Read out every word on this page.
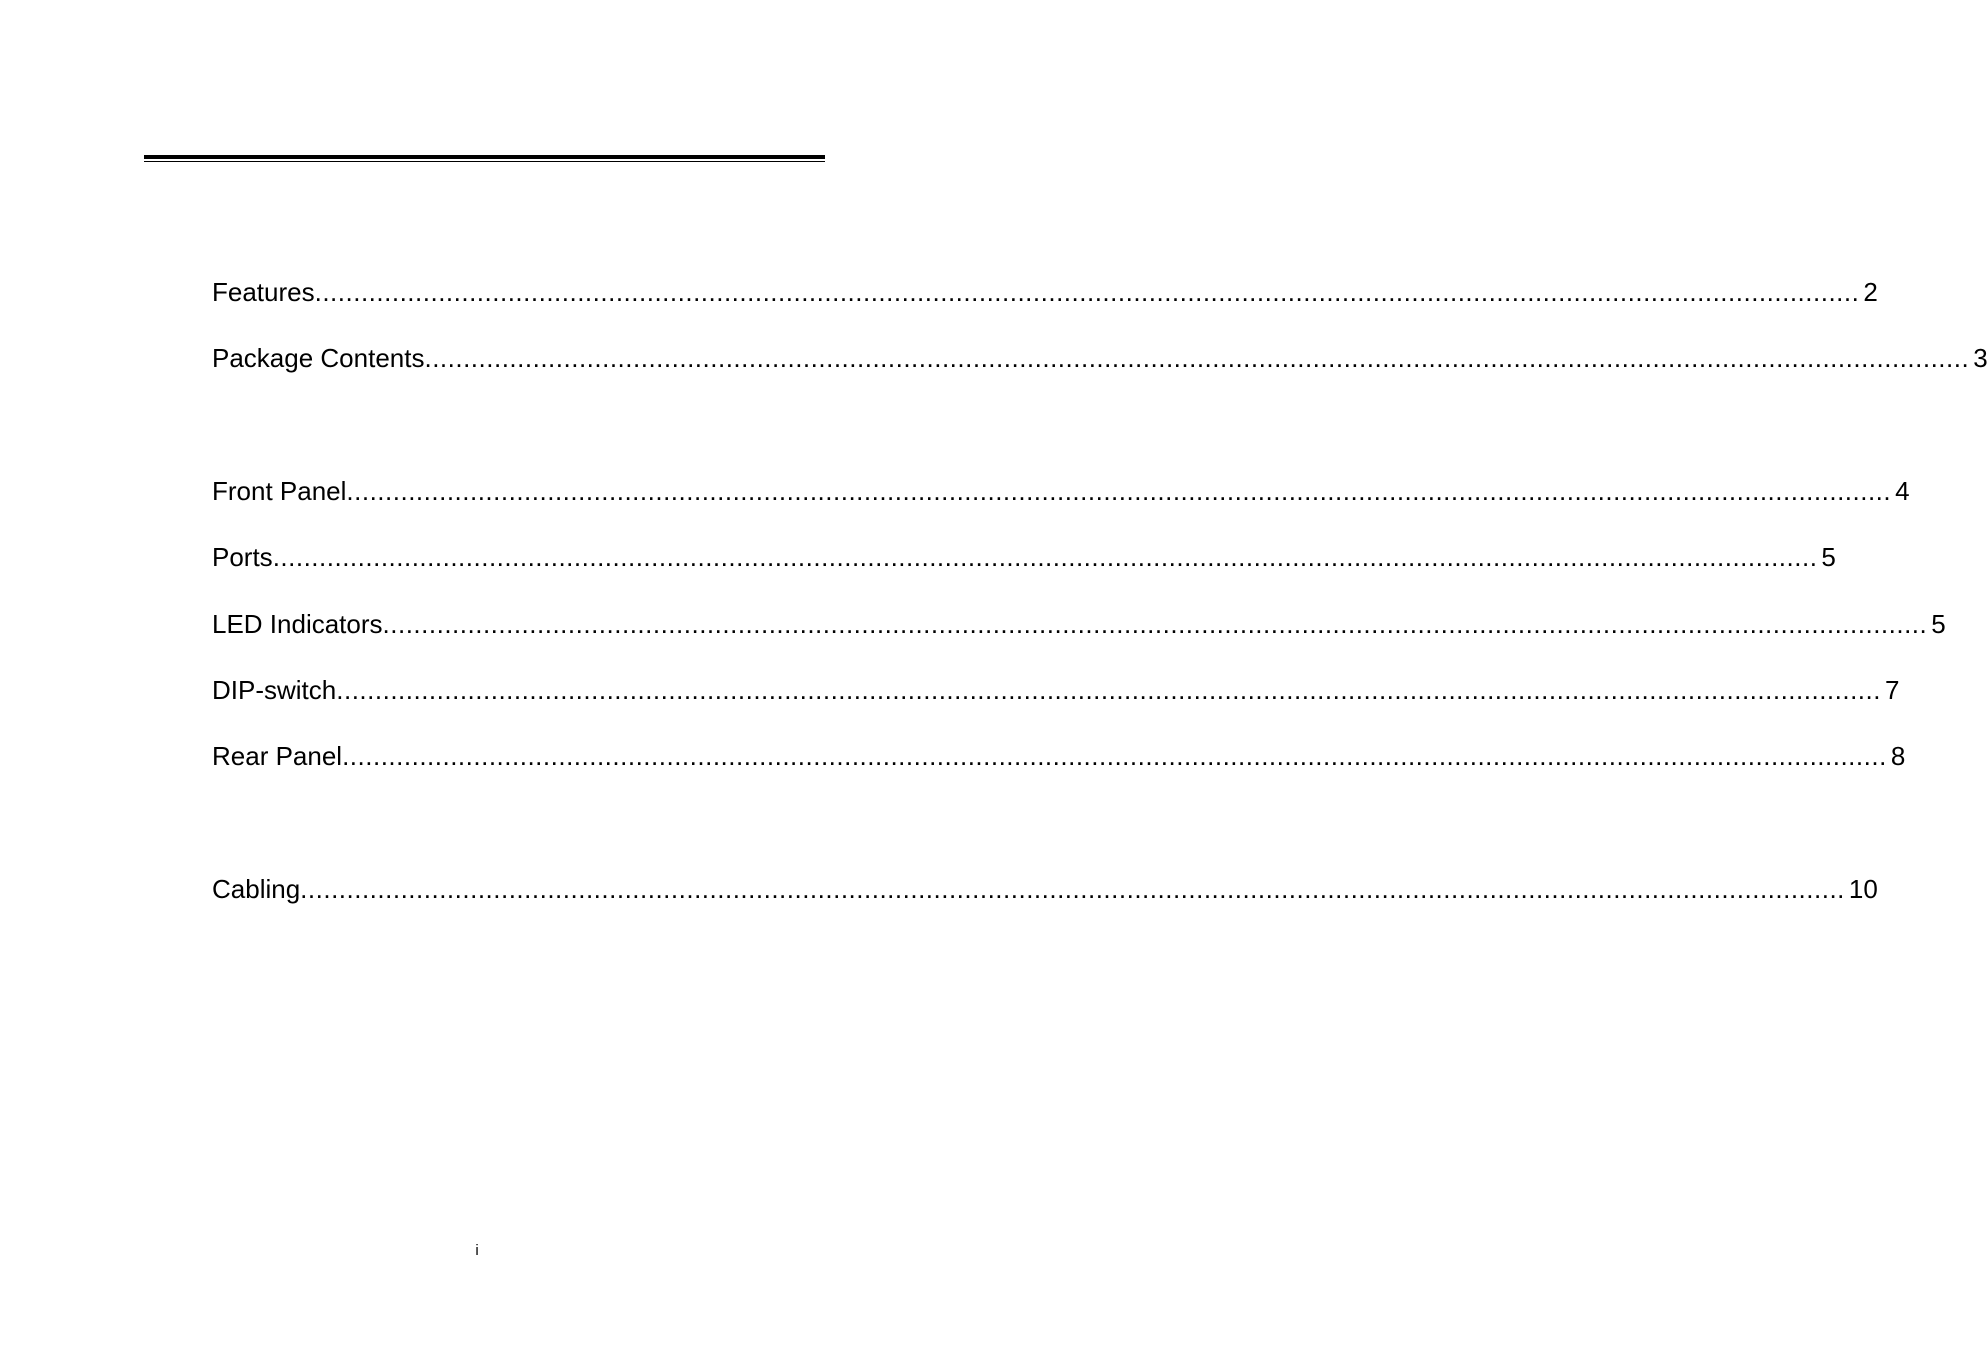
Features ........................................................................................................................................................................................................ 2
Package Contents ........................................................................................................................................................................................................ 3
Front Panel ........................................................................................................................................................................................................ 4
Ports ........................................................................................................................................................................................................ 5
LED Indicators ........................................................................................................................................................................................................ 5
DIP-switch ........................................................................................................................................................................................................ 7
Rear Panel ........................................................................................................................................................................................................ 8
Cabling ........................................................................................................................................................................................................ 10
i
